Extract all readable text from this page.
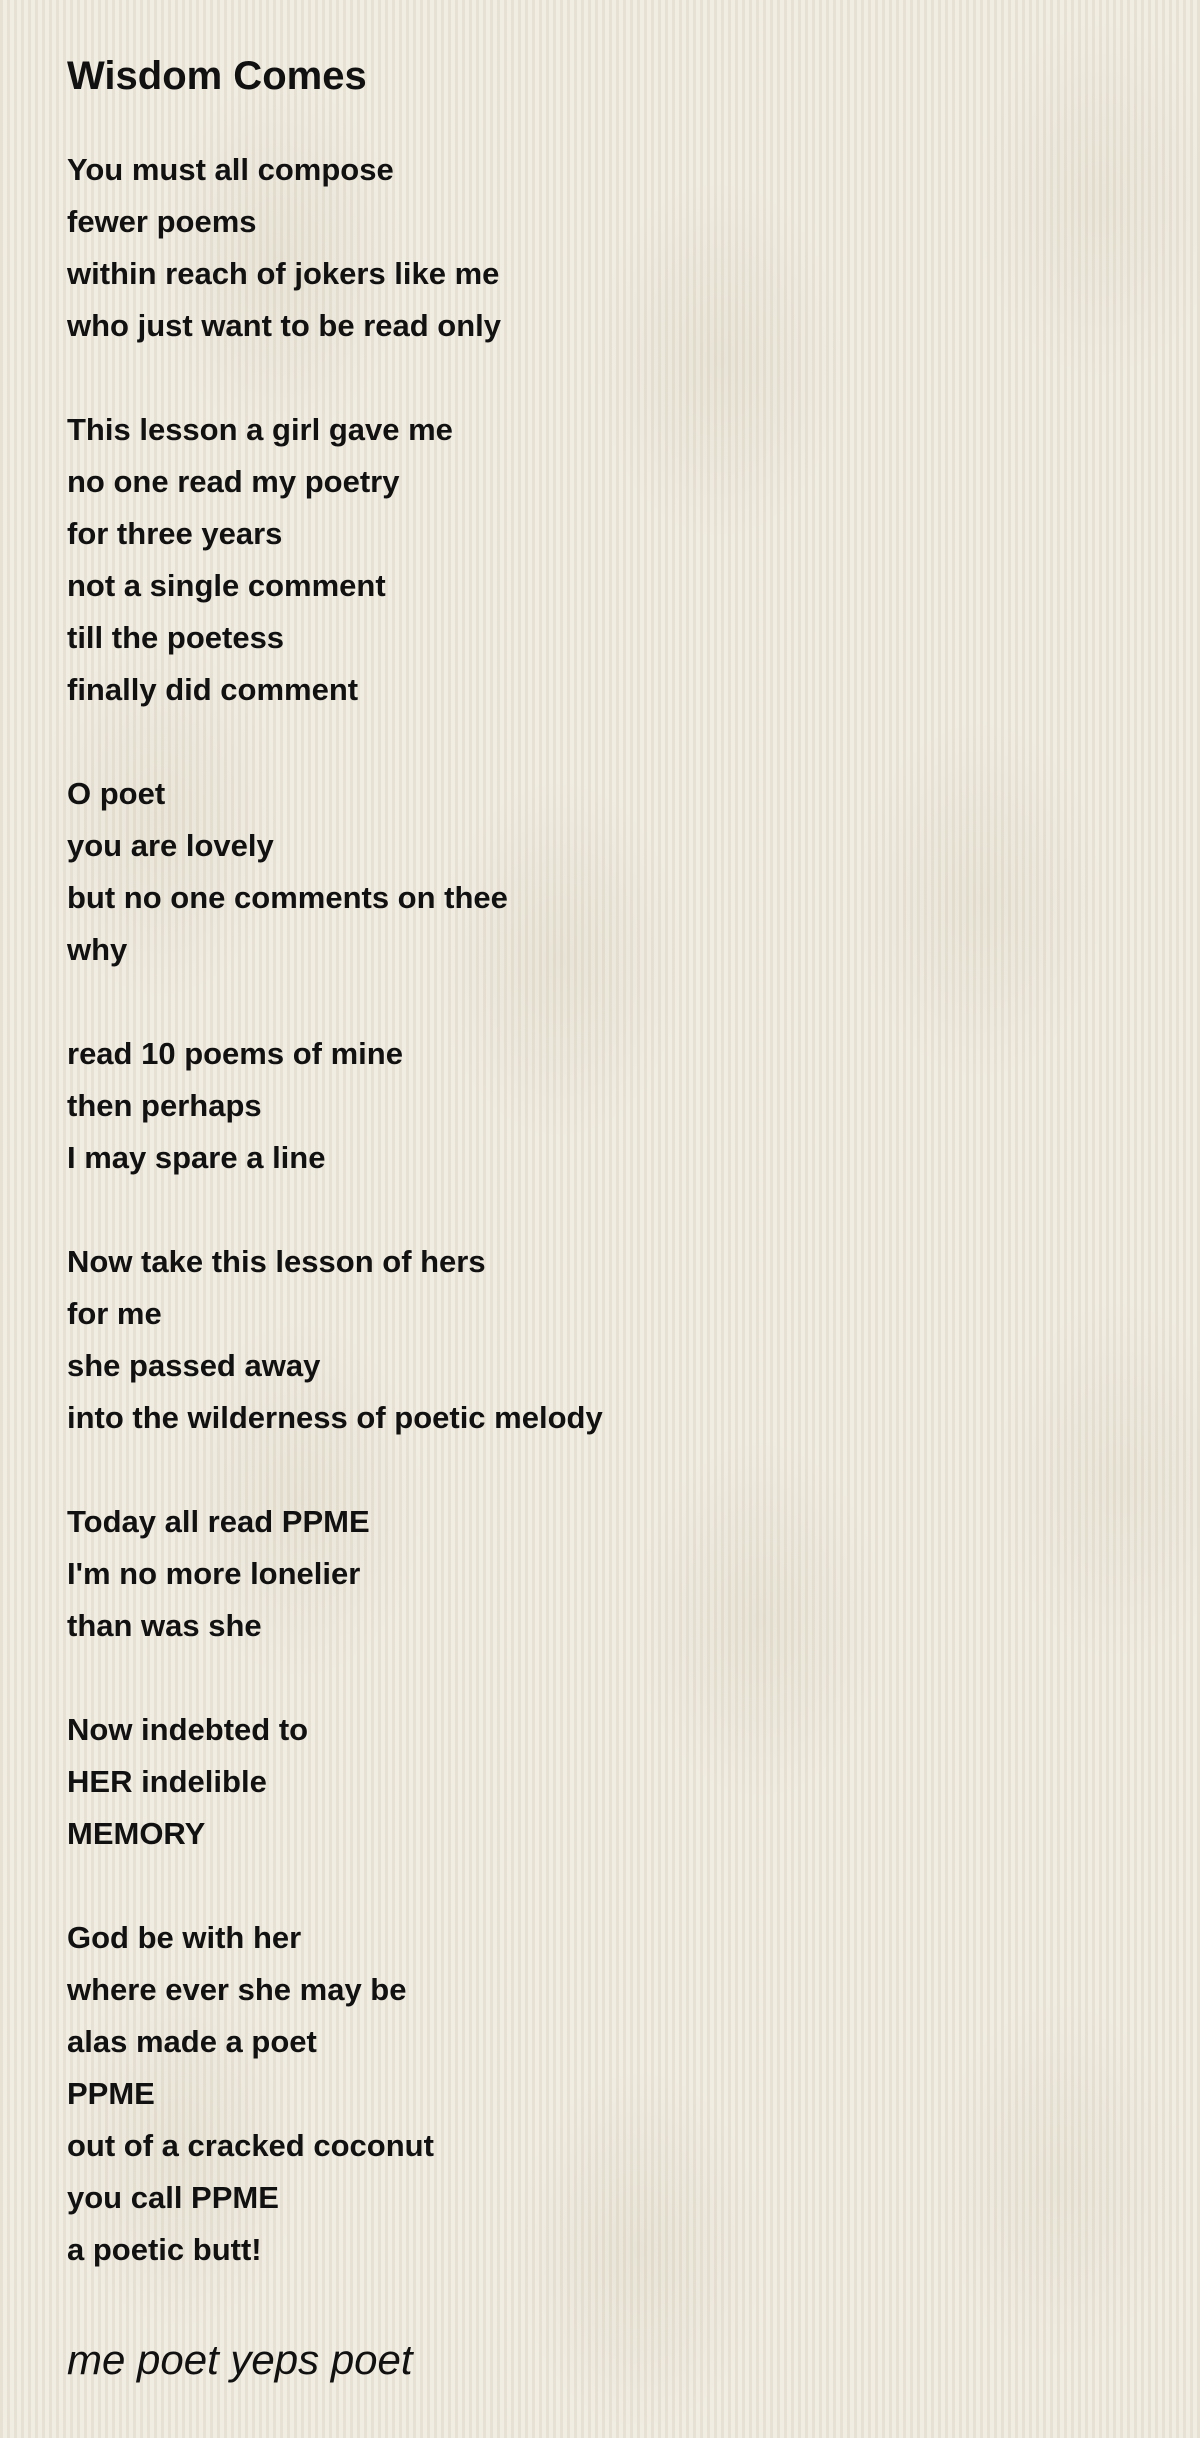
Wisdom Comes
You must all compose
fewer poems
within reach of jokers like me
who just want to be read only
This lesson a girl gave me
no one read my poetry
for three years
not a single comment
till the poetess
finally did comment
O poet
you are lovely
but no one comments on thee
why
read 10 poems of mine
then perhaps
I may spare a line
Now take this lesson of hers
for me
she passed away
into the wilderness of poetic melody
Today all read PPME
I'm no more lonelier
than was she
Now indebted to
HER indelible
MEMORY
God be with her
where ever she may be
alas made a poet
PPME
out of a cracked coconut
you call PPME
a poetic butt!
me poet yeps poet
